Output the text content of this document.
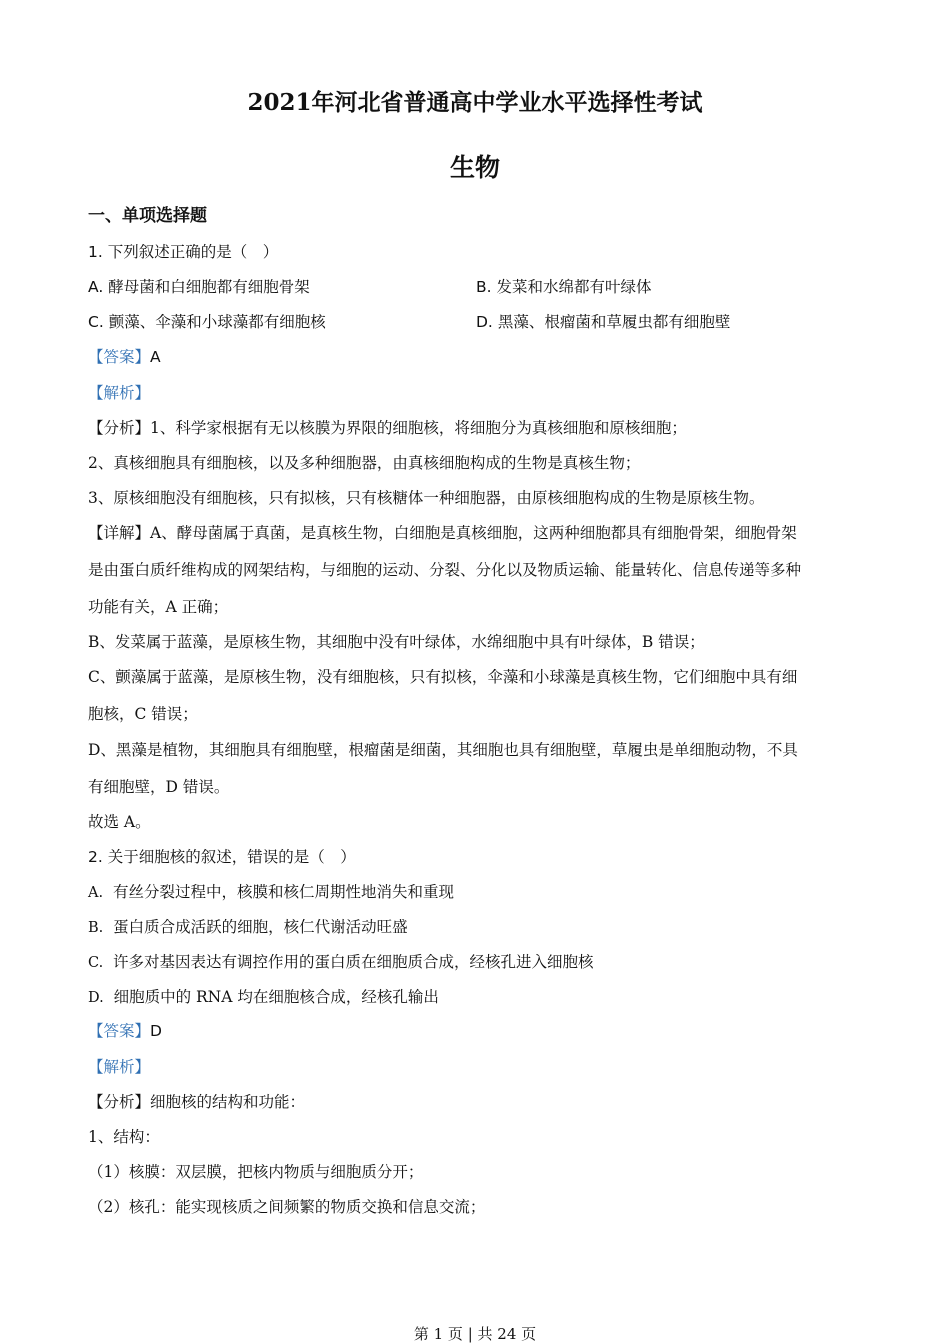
2021年河北省普通高中学业水平选择性考试
生物
一、单项选择题
1. 下列叙述正确的是（　）
A. 酵母菌和白细胞都有细胞骨架	B. 发菜和水绵都有叶绿体
C. 颤藻、伞藻和小球藻都有细胞核	D. 黑藻、根瘤菌和草履虫都有细胞壁
【答案】A
【解析】
【分析】1、科学家根据有无以核膜为界限的细胞核，将细胞分为真核细胞和原核细胞；
2、真核细胞具有细胞核，以及多种细胞器，由真核细胞构成的生物是真核生物；
3、原核细胞没有细胞核，只有拟核，只有核糖体一种细胞器，由原核细胞构成的生物是原核生物。
【详解】A、酵母菌属于真菌，是真核生物，白细胞是真核细胞，这两种细胞都具有细胞骨架，细胞骨架
是由蛋白质纤维构成的网架结构，与细胞的运动、分裂、分化以及物质运输、能量转化、信息传递等多种
功能有关，A 正确；
B、发菜属于蓝藻，是原核生物，其细胞中没有叶绿体，水绵细胞中具有叶绿体，B 错误；
C、颤藻属于蓝藻，是原核生物，没有细胞核，只有拟核，伞藻和小球藻是真核生物，它们细胞中具有细
胞核，C 错误；
D、黑藻是植物，其细胞具有细胞壁，根瘤菌是细菌，其细胞也具有细胞壁，草履虫是单细胞动物，不具
有细胞壁，D 错误。
故选 A。
2. 关于细胞核的叙述，错误的是（　）
A. 有丝分裂过程中，核膜和核仁周期性地消失和重现
B. 蛋白质合成活跃的细胞，核仁代谢活动旺盛
C. 许多对基因表达有调控作用的蛋白质在细胞质合成，经核孔进入细胞核
D. 细胞质中的 RNA 均在细胞核合成，经核孔输出
【答案】D
【解析】
【分析】细胞核的结构和功能：
1、结构：
（1）核膜：双层膜，把核内物质与细胞质分开；
（2）核孔：能实现核质之间频繁的物质交换和信息交流；
第 1 页 | 共 24 页
